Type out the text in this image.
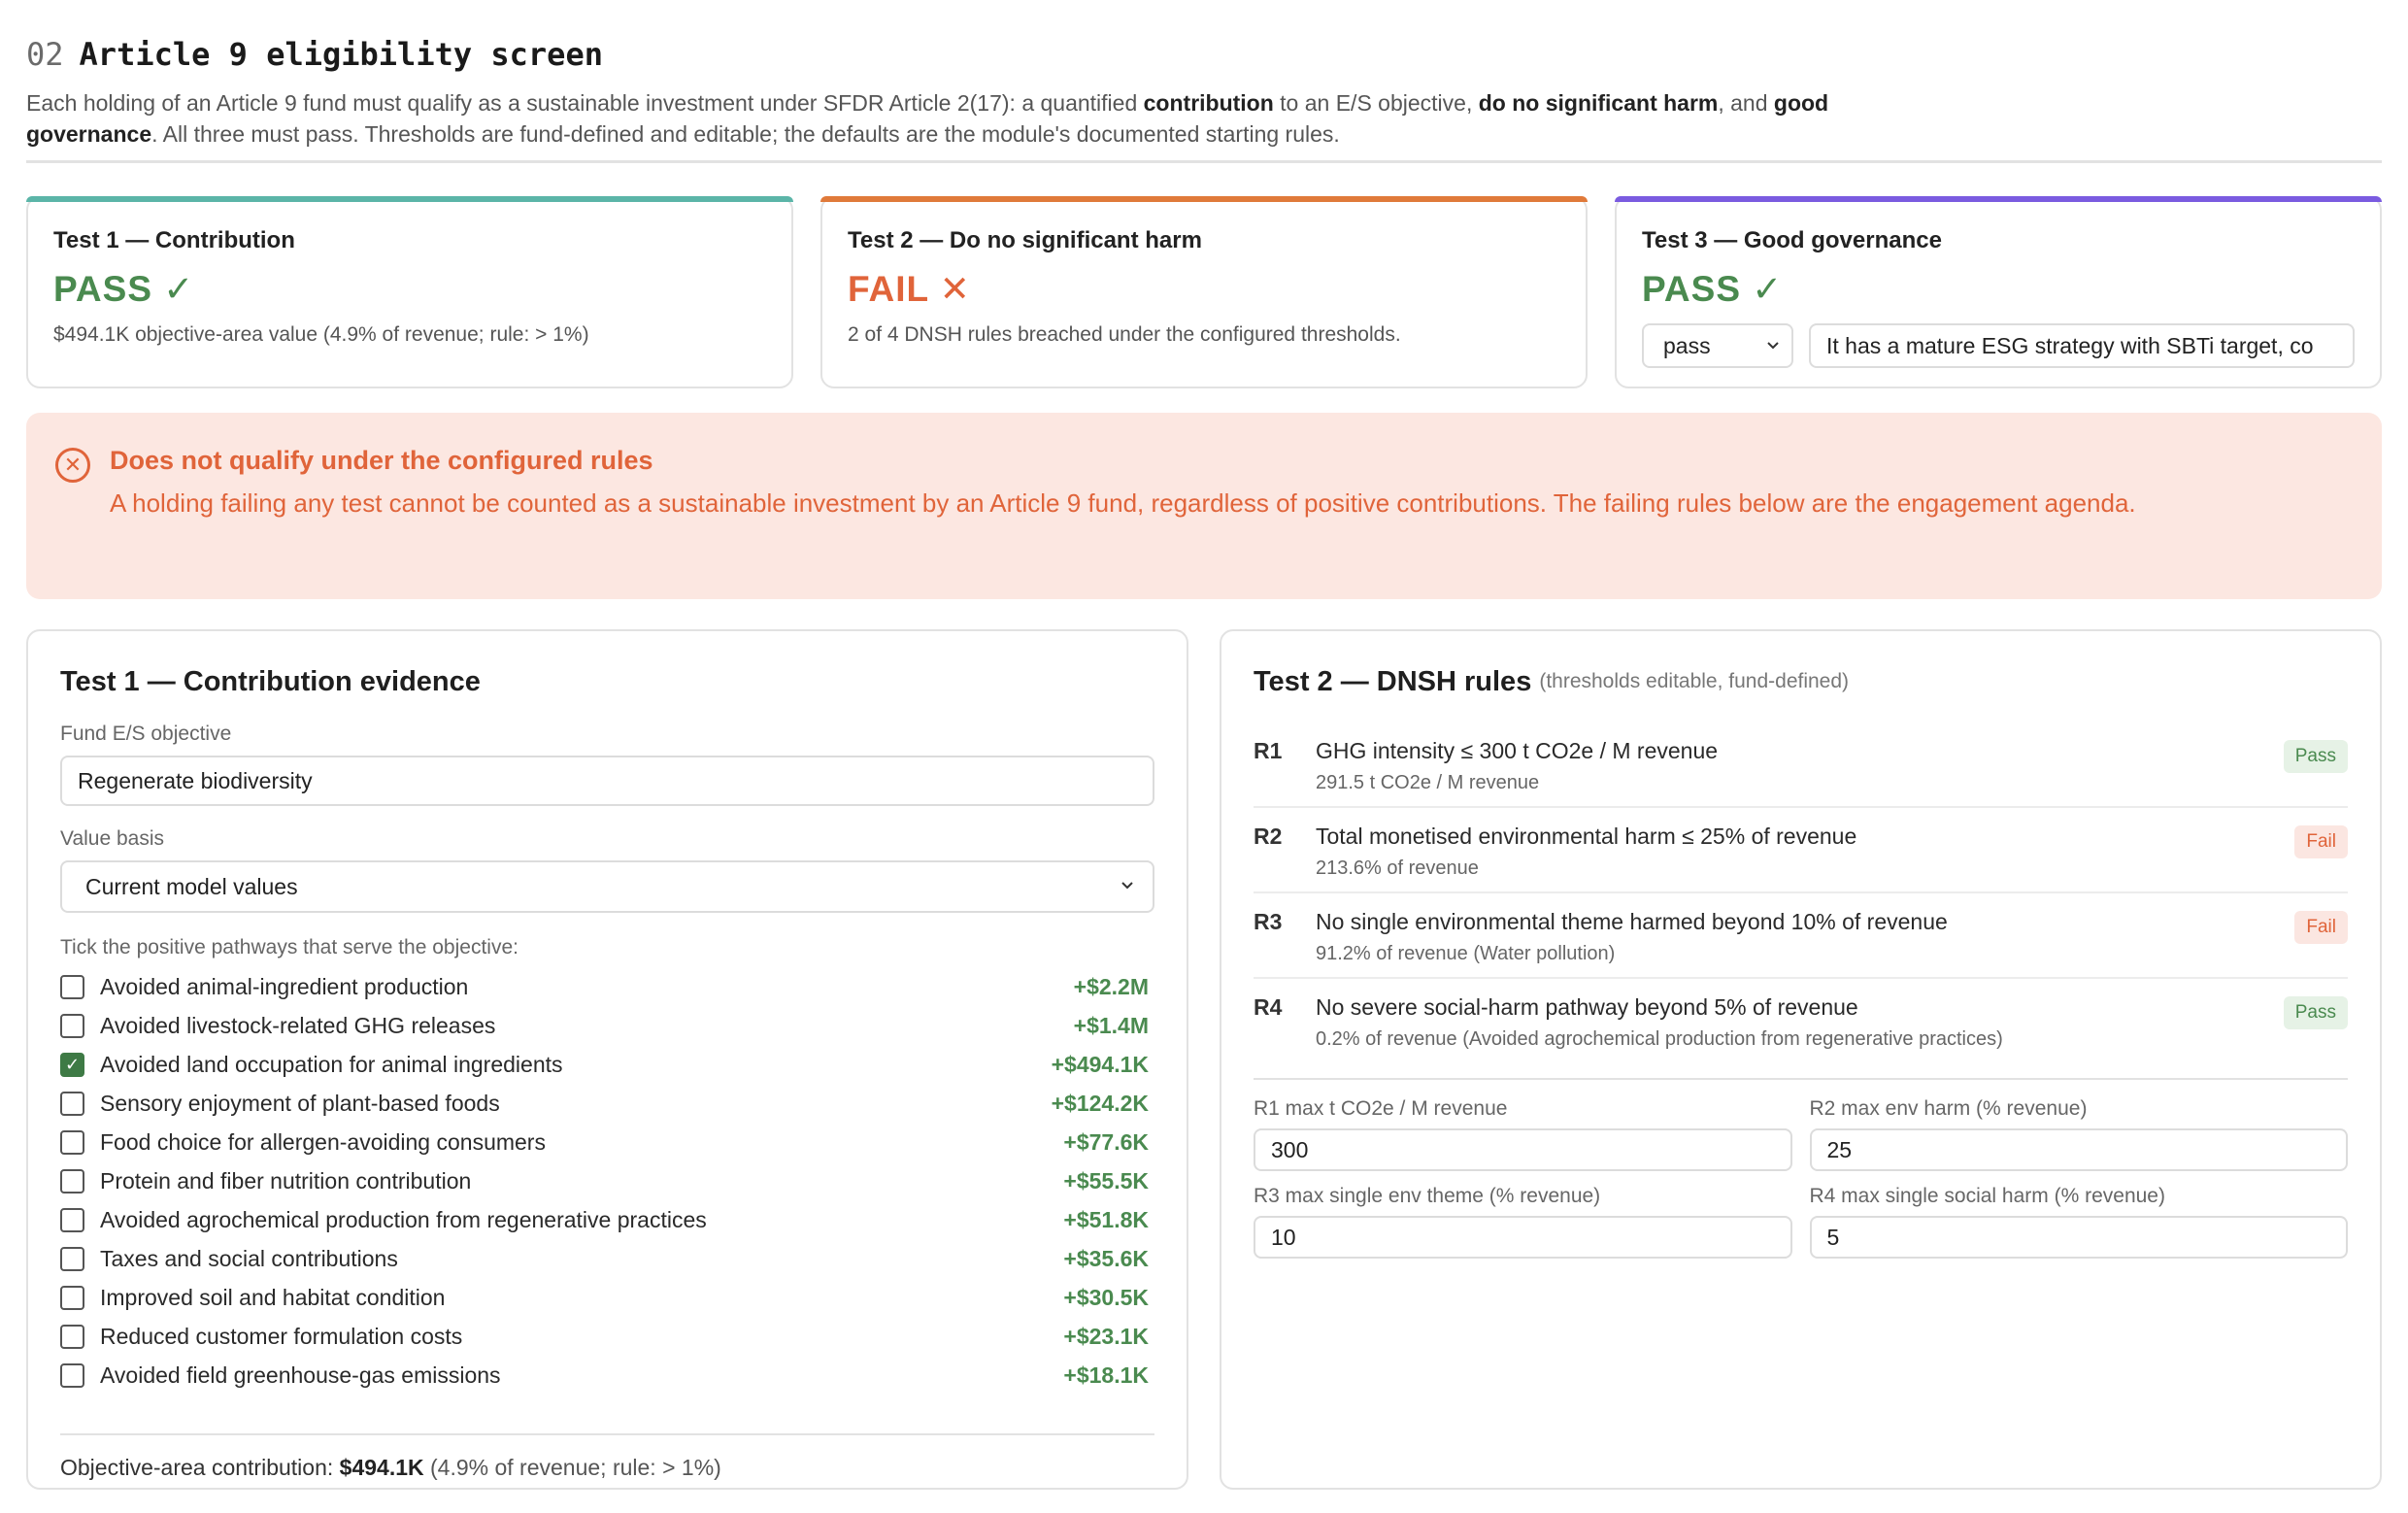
02 Article 9 eligibility screen
Each holding of an Article 9 fund must qualify as a sustainable investment under SFDR Article 2(17): a quantified contribution to an E/S objective, do no significant harm, and good governance. All three must pass. Thresholds are fund-defined and editable; the defaults are the module's documented starting rules.
Test 1 — Contribution
PASS ✓
$494.1K objective-area value (4.9% of revenue; rule: > 1%)
Test 2 — Do no significant harm
FAIL ✕
2 of 4 DNSH rules breached under the configured thresholds.
Test 3 — Good governance
PASS ✓
pass	It has a mature ESG strategy with SBTi target, co
✕	Does not qualify under the configured rules
A holding failing any test cannot be counted as a sustainable investment by an Article 9 fund, regardless of positive contributions. The failing rules below are the engagement agenda.
Test 1 — Contribution evidence
Fund E/S objective
Regenerate biodiversity
Value basis
Current model values
Tick the positive pathways that serve the objective:
Avoided animal-ingredient production	+$2.2M
Avoided livestock-related GHG releases	+$1.4M
✓ Avoided land occupation for animal ingredients	+$494.1K
Sensory enjoyment of plant-based foods	+$124.2K
Food choice for allergen-avoiding consumers	+$77.6K
Protein and fiber nutrition contribution	+$55.5K
Avoided agrochemical production from regenerative practices	+$51.8K
Taxes and social contributions	+$35.6K
Improved soil and habitat condition	+$30.5K
Reduced customer formulation costs	+$23.1K
Avoided field greenhouse-gas emissions	+$18.1K
Objective-area contribution: $494.1K (4.9% of revenue; rule: > 1%)
Test 2 — DNSH rules (thresholds editable, fund-defined)
R1	GHG intensity ≤ 300 t CO2e / M revenue
291.5 t CO2e / M revenue
Pass
R2	Total monetised environmental harm ≤ 25% of revenue
213.6% of revenue
Fail
R3	No single environmental theme harmed beyond 10% of revenue
91.2% of revenue (Water pollution)
Fail
R4	No severe social-harm pathway beyond 5% of revenue
0.2% of revenue (Avoided agrochemical production from regenerative practices)
Pass
R1 max t CO2e / M revenue
300
R2 max env harm (% revenue)
25
R3 max single env theme (% revenue)
10
R4 max single social harm (% revenue)
5
